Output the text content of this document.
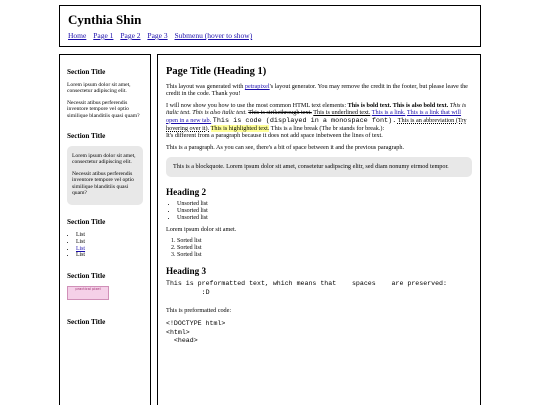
Cynthia Shin
Home Page 1 Page 2 Page 3 Submenu (hover to show)
Section Title

Lorem ipsum dolor sit amet, consectetur adipiscing elit.

Necessit atibus perferendis inventore tempore vel optio similique blanditiis quasi quam?

Section Title

Lorem ipsum dolor sit amet, consectetur adipiscing elit.

Necessit atibus perferendis inventore tempore vel optio similique blanditiis quasi quam?

Section Title
• List
• List
• List
• List
Section Title
practical pixel
Section Title
Page Title (Heading 1)

This layout was generated with petrapixel's layout generator. You may remove the credit in the footer, but please leave the credit in the code. Thank you!

I will now show you how to use the most common HTML text elements: This is bold text. This is also bold text. This is italic text. This is also italic text. This is strikethrough text. This is underlined text. This is a link. This is a link that will open in a new tab. This is code (displayed in a monospace font). This is an abbreviation (Try hovering over it). This is highlighted text. This is a line break (The br stands for break.):
It's different from a paragraph because it does not add space inbetween the lines of text.

This is a paragraph. As you can see, there's a bit of space between it and the previous paragraph.

This is a blockquote. Lorem ipsum dolor sit amet, consetetur sadipscing elitr, sed diam nonumy eirmod tempor.
Heading 2
• Unsorted list
• Unsorted list
• Unsorted list

Lorem ipsum dolor sit amet.

1. Sorted list
2. Sorted list
3. Sorted list
Heading 3
This is preformatted text, which means that    spaces    are preserved:
:D

This is preformatted code:

<!DOCTYPE html>
<html>
<head>
